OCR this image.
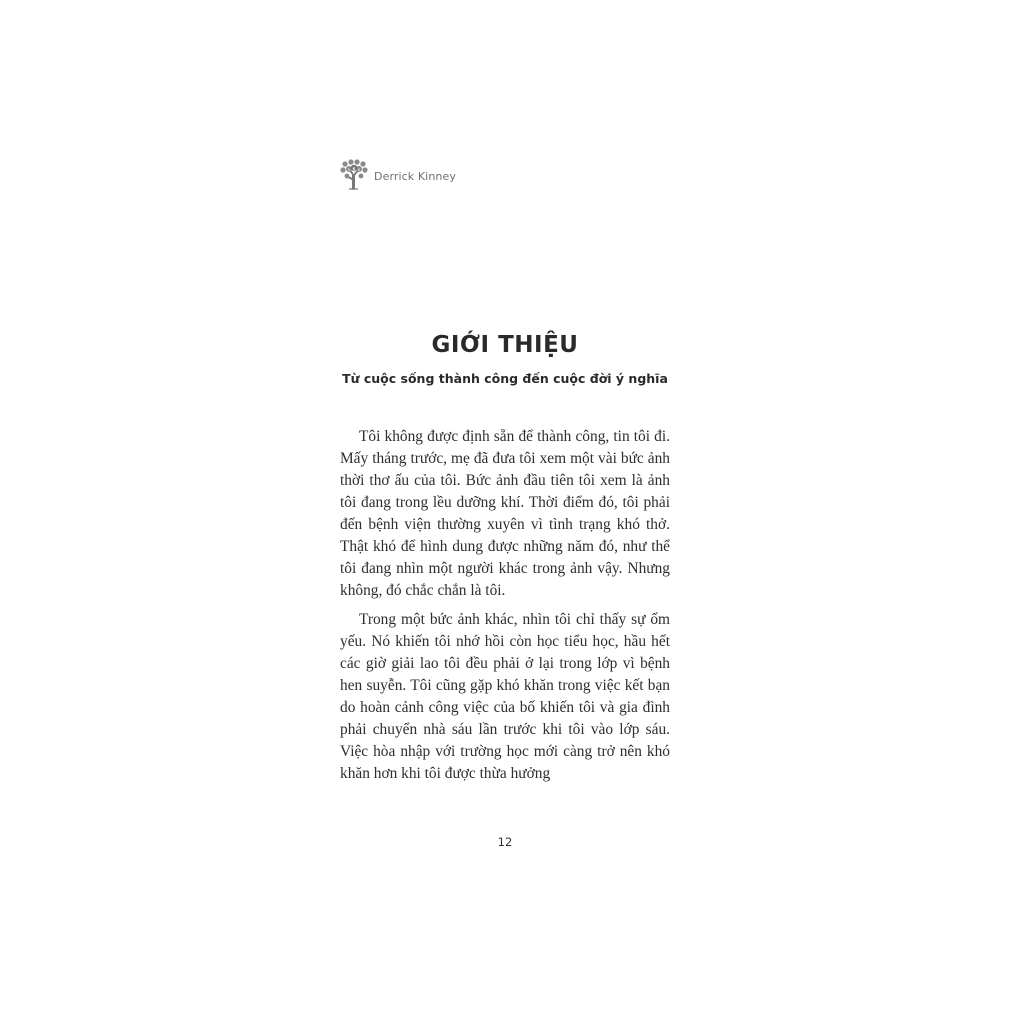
$
$ $ Derrick Kinney
GIỚI THIỆU
Từ cuộc sống thành công đến cuộc đời ý nghĩa

Tôi không được định sẵn để thành công, tin tôi đi. Mấy tháng trước, mẹ đã đưa tôi xem một vài bức ảnh thời thơ ấu của tôi. Bức ảnh đầu tiên tôi xem là ảnh tôi đang trong lều dưỡng khí. Thời điểm đó, tôi phải đến bệnh viện thường xuyên vì tình trạng khó thở. Thật khó để hình dung được những năm đó, như thể tôi đang nhìn một người khác trong ảnh vậy. Nhưng không, đó chắc chắn là tôi.

Trong một bức ảnh khác, nhìn tôi chỉ thấy sự ốm yếu. Nó khiến tôi nhớ hồi còn học tiểu học, hầu hết các giờ giải lao tôi đều phải ở lại trong lớp vì bệnh hen suyễn. Tôi cũng gặp khó khăn trong việc kết bạn do hoàn cảnh công việc của bố khiến tôi và gia đình phải chuyển nhà sáu lần trước khi tôi vào lớp sáu. Việc hòa nhập với trường học mới càng trở nên khó khăn hơn khi tôi được thừa hưởng

12
